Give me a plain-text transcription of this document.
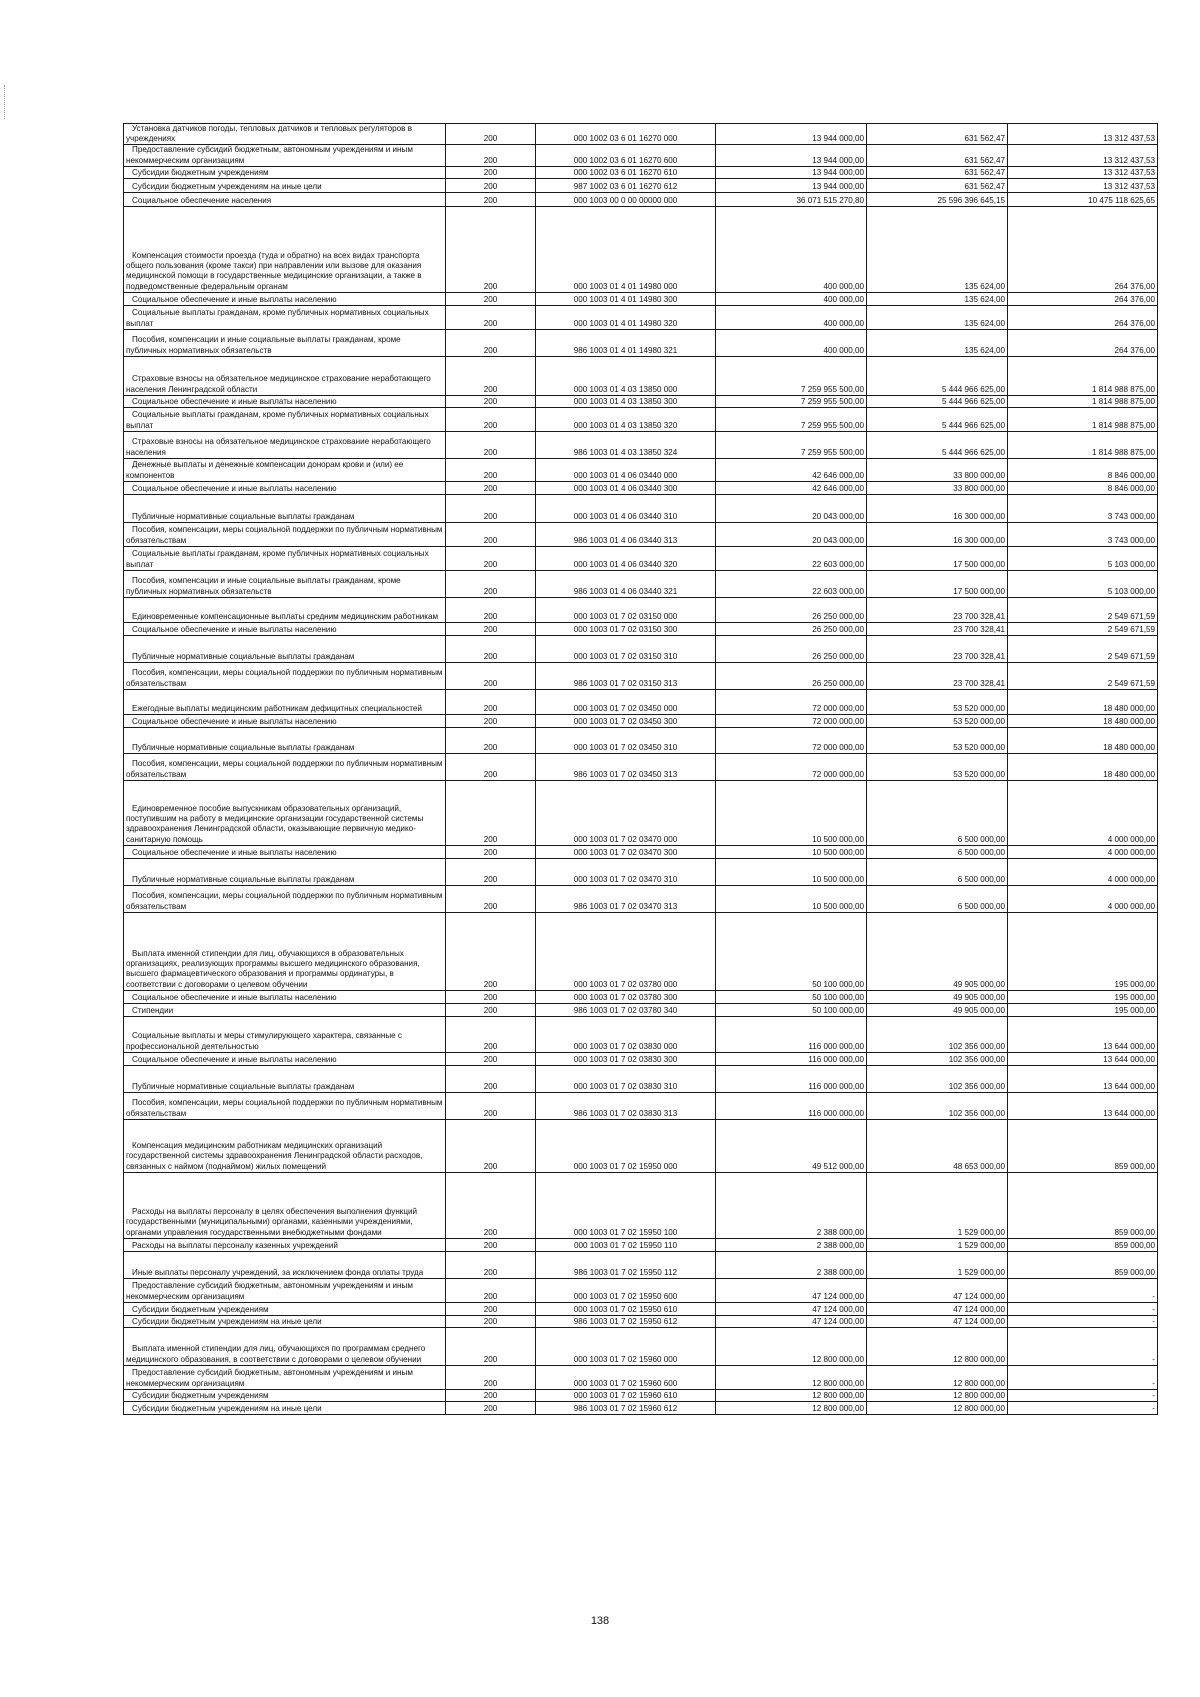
Установка датчиков погоды, тепловых датчиков и тепловых регуляторов в учреждениях	200	000 1002 03 6 01 16270 000	13 944 000,00	631 562,47	13 312 437,53

Предоставление субсидий бюджетным, автономным учреждениям и иным некоммерческим организациям	200	000 1002 03 6 01 16270 600	13 944 000,00	631 562,47	13 312 437,53

Субсидии бюджетным учреждениям	200	000 1002 03 6 01 16270 610	13 944 000,00	631 562,47	13 312 437,53

Субсидии бюджетным учреждениям на иные цели	200	987 1002 03 6 01 16270 612	13 944 000,00	631 562,47	13 312 437,53

Социальное обеспечение населения	200	000 1003 00 0 00 00000 000	36 071 515 270,80	25 596 396 645,15	10 475 118 625,65

Компенсация стоимости проезда (туда и обратно) на всех видах транспорта общего пользования (кроме такси) при направлении или вызове для оказания медицинской помощи в государственные медицинские организации, а также в подведомственные федеральным органам	200	000 1003 01 4 01 14980 000	400 000,00	135 624,00	264 376,00

Социальное обеспечение и иные выплаты населению	200	000 1003 01 4 01 14980 300	400 000,00	135 624,00	264 376,00

Социальные выплаты гражданам, кроме публичных нормативных социальных выплат	200	000 1003 01 4 01 14980 320	400 000,00	135 624,00	264 376,00

Пособия, компенсации и иные социальные выплаты гражданам, кроме публичных нормативных обязательств	200	986 1003 01 4 01 14980 321	400 000,00	135 624,00	264 376,00

Страховые взносы на обязательное медицинское страхование неработающего населения Ленинградской области	200	000 1003 01 4 03 13850 000	7 259 955 500,00	5 444 966 625,00	1 814 988 875,00

Социальное обеспечение и иные выплаты населению	200	000 1003 01 4 03 13850 300	7 259 955 500,00	5 444 966 625,00	1 814 988 875,00

Социальные выплаты гражданам, кроме публичных нормативных социальных выплат	200	000 1003 01 4 03 13850 320	7 259 955 500,00	5 444 966 625,00	1 814 988 875,00

Страховые взносы на обязательное медицинское страхование неработающего населения	200	986 1003 01 4 03 13850 324	7 259 955 500,00	5 444 966 625,00	1 814 988 875,00

Денежные выплаты и денежные компенсации донорам крови и (или) ее компонентов	200	000 1003 01 4 06 03440 000	42 646 000,00	33 800 000,00	8 846 000,00

Социальное обеспечение и иные выплаты населению	200	000 1003 01 4 06 03440 300	42 646 000,00	33 800 000,00	8 846 000,00

Публичные нормативные социальные выплаты гражданам	200	000 1003 01 4 06 03440 310	20 043 000,00	16 300 000,00	3 743 000,00

Пособия, компенсации, меры социальной поддержки по публичным нормативным обязательствам	200	986 1003 01 4 06 03440 313	20 043 000,00	16 300 000,00	3 743 000,00

Социальные выплаты гражданам, кроме публичных нормативных социальных выплат	200	000 1003 01 4 06 03440 320	22 603 000,00	17 500 000,00	5 103 000,00

Пособия, компенсации и иные социальные выплаты гражданам, кроме публичных нормативных обязательств	200	986 1003 01 4 06 03440 321	22 603 000,00	17 500 000,00	5 103 000,00

Единовременные компенсационные выплаты средним медицинским работникам	200	000 1003 01 7 02 03150 000	26 250 000,00	23 700 328,41	2 549 671,59

Социальное обеспечение и иные выплаты населению	200	000 1003 01 7 02 03150 300	26 250 000,00	23 700 328,41	2 549 671,59

Публичные нормативные социальные выплаты гражданам	200	000 1003 01 7 02 03150 310	26 250 000,00	23 700 328,41	2 549 671,59

Пособия, компенсации, меры социальной поддержки по публичным нормативным обязательствам	200	986 1003 01 7 02 03150 313	26 250 000,00	23 700 328,41	2 549 671,59

Ежегодные выплаты медицинским работникам дефицитных специальностей	200	000 1003 01 7 02 03450 000	72 000 000,00	53 520 000,00	18 480 000,00

Социальное обеспечение и иные выплаты населению	200	000 1003 01 7 02 03450 300	72 000 000,00	53 520 000,00	18 480 000,00

Публичные нормативные социальные выплаты гражданам	200	000 1003 01 7 02 03450 310	72 000 000,00	53 520 000,00	18 480 000,00

Пособия, компенсации, меры социальной поддержки по публичным нормативным обязательствам	200	986 1003 01 7 02 03450 313	72 000 000,00	53 520 000,00	18 480 000,00

Единовременное пособие выпускникам образовательных организаций, поступившим на работу в медицинские организации государственной системы здравоохранения Ленинградской области, оказывающие первичную медико-санитарную помощь	200	000 1003 01 7 02 03470 000	10 500 000,00	6 500 000,00	4 000 000,00

Социальное обеспечение и иные выплаты населению	200	000 1003 01 7 02 03470 300	10 500 000,00	6 500 000,00	4 000 000,00

Публичные нормативные социальные выплаты гражданам	200	000 1003 01 7 02 03470 310	10 500 000,00	6 500 000,00	4 000 000,00

Пособия, компенсации, меры социальной поддержки по публичным нормативным обязательствам	200	986 1003 01 7 02 03470 313	10 500 000,00	6 500 000,00	4 000 000,00

Выплата именной стипендии для лиц, обучающихся в образовательных организациях, реализующих программы высшего медицинского образования, высшего фармацевтического образования и программы ординатуры, в соответствии с договорами о целевом обучении	200	000 1003 01 7 02 03780 000	50 100 000,00	49 905 000,00	195 000,00

Социальное обеспечение и иные выплаты населению	200	000 1003 01 7 02 03780 300	50 100 000,00	49 905 000,00	195 000,00

Стипендии	200	986 1003 01 7 02 03780 340	50 100 000,00	49 905 000,00	195 000,00

Социальные выплаты и меры стимулирующего характера, связанные с профессиональной деятельностью	200	000 1003 01 7 02 03830 000	116 000 000,00	102 356 000,00	13 644 000,00

Социальное обеспечение и иные выплаты населению	200	000 1003 01 7 02 03830 300	116 000 000,00	102 356 000,00	13 644 000,00

Публичные нормативные социальные выплаты гражданам	200	000 1003 01 7 02 03830 310	116 000 000,00	102 356 000,00	13 644 000,00

Пособия, компенсации, меры социальной поддержки по публичным нормативным обязательствам	200	986 1003 01 7 02 03830 313	116 000 000,00	102 356 000,00	13 644 000,00

Компенсация медицинским работникам медицинских организаций государственной системы здравоохранения Ленинградской области расходов, связанных с наймом (поднаймом) жилых помещений	200	000 1003 01 7 02 15950 000	49 512 000,00	48 653 000,00	859 000,00

Расходы на выплаты персоналу в целях обеспечения выполнения функций государственными (муниципальными) органами, казенными учреждениями, органами управления государственными внебюджетными фондами	200	000 1003 01 7 02 15950 100	2 388 000,00	1 529 000,00	859 000,00

Расходы на выплаты персоналу казенных учреждений	200	000 1003 01 7 02 15950 110	2 388 000,00	1 529 000,00	859 000,00

Иные выплаты персоналу учреждений, за исключением фонда оплаты труда	200	986 1003 01 7 02 15950 112	2 388 000,00	1 529 000,00	859 000,00

Предоставление субсидий бюджетным, автономным учреждениям и иным некоммерческим организациям	200	000 1003 01 7 02 15950 600	47 124 000,00	47 124 000,00	-

Субсидии бюджетным учреждениям	200	000 1003 01 7 02 15950 610	47 124 000,00	47 124 000,00	-

Субсидии бюджетным учреждениям на иные цели	200	986 1003 01 7 02 15950 612	47 124 000,00	47 124 000,00	-

Выплата именной стипендии для лиц, обучающихся по программам среднего медицинского образования, в соответствии с договорами о целевом обучении	200	000 1003 01 7 02 15960 000	12 800 000,00	12 800 000,00	-

Предоставление субсидий бюджетным, автономным учреждениям и иным некоммерческим организациям	200	000 1003 01 7 02 15960 600	12 800 000,00	12 800 000,00	-

Субсидии бюджетным учреждениям	200	000 1003 01 7 02 15960 610	12 800 000,00	12 800 000,00	-

Субсидии бюджетным учреждениям на иные цели	200	986 1003 01 7 02 15960 612	12 800 000,00	12 800 000,00	-
138
